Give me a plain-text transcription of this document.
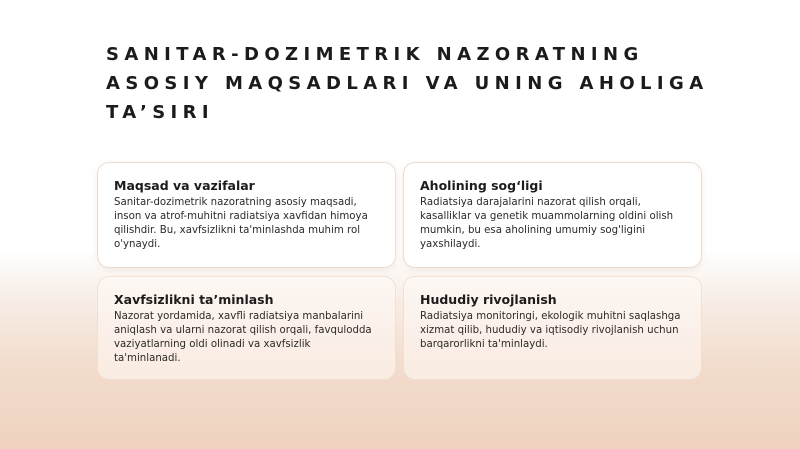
SANITAR-DOZIMETRIK NAZORATNING
ASOSIY MAQSADLARI VA UNING AHOLIGA
TA’SIRI
Maqsad va vazifalar

Sanitar-dozimetrik nazoratning asosiy maqsadi, inson va atrof-muhitni radiatsiya xavfidan himoya qilishdir. Bu, xavfsizlikni ta'minlashda muhim rol o'ynaydi.

Aholining sog‘ligi

Radiatsiya darajalarini nazorat qilish orqali, kasalliklar va genetik muammolarning oldini olish mumkin, bu esa aholining umumiy sog'ligini yaxshilaydi.

Xavfsizlikni ta’minlash

Nazorat yordamida, xavfli radiatsiya manbalarini aniqlash va ularni nazorat qilish orqali, favqulodda vaziyatlarning oldi olinadi va xavfsizlik ta'minlanadi.

Hududiy rivojlanish

Radiatsiya monitoringi, ekologik muhitni saqlashga xizmat qilib, hududiy va iqtisodiy rivojlanish uchun barqarorlikni ta'minlaydi.
